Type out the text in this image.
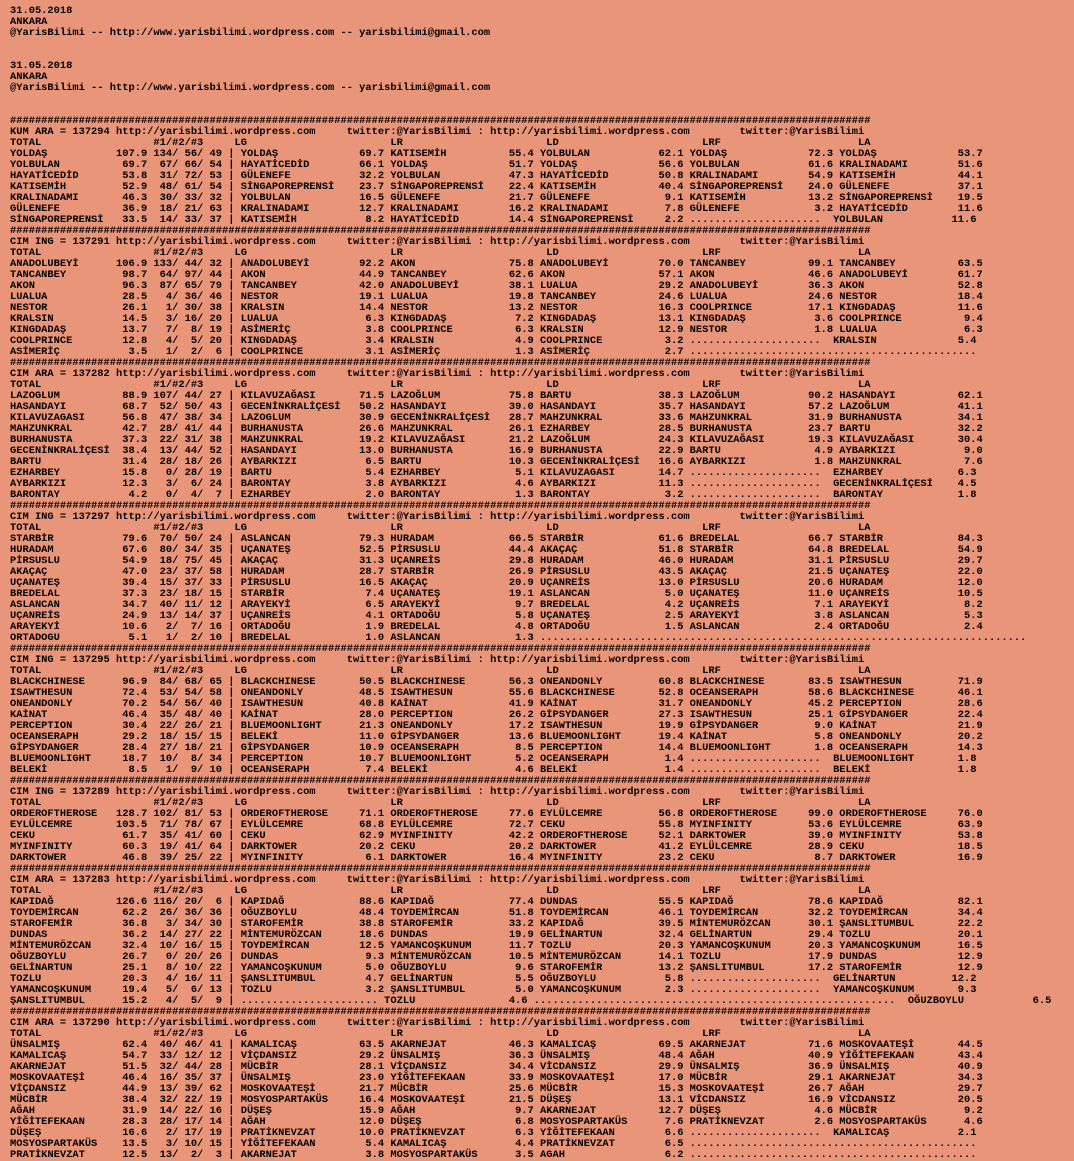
31.05.2018
ANKARA
@YarisBilimi -- http://www.yarisbilimi.wordpress.com -- yarisbilimi@gmail.com

31.05.2018
ANKARA
@YarisBilimi -- http://www.yarisbilimi.wordpress.com -- yarisbilimi@gmail.com

##########################################################################################################################################
KUM ARA = 137294 http://yarisbilimi.wordpress.com     twitter:@YarisBilimi : http://yarisbilimi.wordpress.com        twitter:@YarisBilimi
TOTAL                  #1/#2/#3     LG                       LR                       LD                       LRF                      LA
YOLDAŞ           107.9 134/ 56/ 49 | YOLDAŞ             69.7 KATISEMİH          55.4 YOLBULAN           62.1 YOLDAŞ             72.3 YOLDAŞ             53.7
YOLBULAN          69.7  67/ 66/ 54 | HAYATİCEDİD        66.1 YOLDAŞ             51.7 YOLDAŞ             56.6 YOLBULAN           61.6 KRALINADAMI        51.6
HAYATİCEDİD       53.8  31/ 72/ 53 | GÜLENEFE           32.2 YOLBULAN           47.3 HAYATİCEDİD        50.8 KRALINADAMI        54.9 KATISEMİH          44.1
KATISEMİH         52.9  48/ 61/ 54 | SİNGAPOREPRENSİ    23.7 SİNGAPOREPRENSİ    22.4 KATISEMİH          40.4 SİNGAPOREPRENSİ    24.0 GÜLENEFE           37.1
KRALINADAMI       46.3  30/ 33/ 32 | YOLBULAN           16.5 GÜLENEFE           21.7 GÜLENEFE            9.1 KATISEMİH          13.2 SİNGAPOREPRENSİ    19.5
GÜLENEFE          36.9  18/ 21/ 63 | KRALINADAMI        12.7 KRALINADAMI        16.2 KRALINADAMI         7.8 GÜLENEFE            3.2 HAYATİCEDİD        11.6
SİNGAPOREPRENSİ   33.5  14/ 33/ 37 | KATISEMİH           8.2 HAYATİCEDİD        14.4 SİNGAPOREPRENSİ     2.2 .....................  YOLBULAN           11.6
##########################################################################################################################################
CIM ING = 137291 http://yarisbilimi.wordpress.com     twitter:@YarisBilimi : http://yarisbilimi.wordpress.com        twitter:@YarisBilimi
TOTAL                  #1/#2/#3     LG                       LR                       LD                       LRF                      LA
ANADOLUBEYİ      106.9 133/ 44/ 32 | ANADOLUBEYİ        92.2 AKON               75.8 ANADOLUBEYİ        70.0 TANCANBEY          99.1 TANCANBEY          63.5
TANCANBEY         98.7  64/ 97/ 44 | AKON               44.9 TANCANBEY          62.6 AKON               57.1 AKON               46.6 ANADOLUBEYİ        61.7
AKON              96.3  87/ 65/ 79 | TANCANBEY          42.0 ANADOLUBEYİ        38.1 LUALUA             29.2 ANADOLUBEYİ        36.3 AKON               52.8
LUALUA            28.5   4/ 36/ 46 | NESTOR             19.1 LUALUA             19.8 TANCANBEY          24.6 LUALUA             24.6 NESTOR             18.4
NESTOR            26.1   1/ 30/ 38 | KRALSIN            14.4 NESTOR             13.2 NESTOR             16.3 COOLPRINCE         17.1 KINGDADAŞ          11.6
KRALSIN           14.5   3/ 16/ 20 | LUALUA              6.3 KINGDADAŞ           7.2 KINGDADAŞ          13.1 KINGDADAŞ           3.6 COOLPRINCE          9.4
KINGDADAŞ         13.7   7/  8/ 19 | ASİMERİÇ            3.8 COOLPRINCE          6.3 KRALSIN            12.9 NESTOR              1.8 LUALUA              6.3
COOLPRINCE        12.8   4/  5/ 20 | KINGDADAŞ           3.4 KRALSIN             4.9 COOLPRINCE          3.2 .....................  KRALSIN             5.4
ASİMERİÇ           3.5   1/  2/  6 | COOLPRINCE          3.1 ASİMERİÇ            1.3 ASİMERİÇ            2.7 ..............................................
##########################################################################################################################################
CIM ARA = 137282 http://yarisbilimi.wordpress.com     twitter:@YarisBilimi : http://yarisbilimi.wordpress.com        twitter:@YarisBilimi
TOTAL                  #1/#2/#3     LG                       LR                       LD                       LRF                      LA
LAZOGLUM          88.9 107/ 44/ 27 | KILAVUZAĞASI       71.5 LAZOĞLUM           75.8 BARTU              38.3 LAZOĞLUM           90.2 HASANDAYI          62.1
HASANDAYI         68.7  52/ 50/ 43 | GECENİNKRALİÇESİ   50.2 HASANDAYI          39.0 HASANDAYI          35.7 HASANDAYI          57.2 LAZOĞLUM           41.1
KILAVUZAGASI      56.8  47/ 38/ 34 | LAZOGLUM           30.9 GECENİNKRALİÇESİ   28.7 MAHZUNKRAL         33.6 MAHZUNKRAL         31.9 BURHANUSTA         34.1
MAHZUNKRAL        42.7  28/ 41/ 44 | BURHANUSTA         26.6 MAHZUNKRAL         26.1 EZHARBEY           28.5 BURHANUSTA         23.7 BARTU              32.2
BURHANUSTA        37.3  22/ 31/ 38 | MAHZUNKRAL         19.2 KILAVUZAĞASI       21.2 LAZOĞLUM           24.3 KILAVUZAĞASI       19.3 KILAVUZAĞASI       30.4
GECENİNKRALİÇESİ  38.4  13/ 44/ 52 | HASANDAYI          13.0 BURHANUSTA         16.9 BURHANUSTA         22.9 BARTU               4.9 AYBARKIZI           9.0
BARTU             31.4  28/ 18/ 26 | AYBARKIZI           6.5 BARTU              10.3 GECENİNKRALİÇESİ   16.6 AYBARKIZI           1.8 MAHZUNKRAL          7.6
EZHARBEY          15.8   0/ 28/ 19 | BARTU               5.4 EZHARBEY            5.1 KILAVUZAGASI       14.7 .....................  EZHARBEY            6.3
AYBARKIZI         12.3   3/  6/ 24 | BARONTAY            3.8 AYBARKIZI           4.6 AYBARKIZI          11.3 .....................  GECENİNKRALİÇESİ    4.5
BARONTAY           4.2   0/  4/  7 | EZHARBEY            2.0 BARONTAY            1.3 BARONTAY            3.2 .....................  BARONTAY            1.8
##########################################################################################################################################
CIM ING = 137297 http://yarisbilimi.wordpress.com     twitter:@YarisBilimi : http://yarisbilimi.wordpress.com        twitter:@YarisBilimi
TOTAL                  #1/#2/#3     LG                       LR                       LD                       LRF                      LA
STARBİR           79.6  70/ 50/ 24 | ASLANCAN           79.3 HURADAM            66.5 STARBİR            61.6 BREDELAL           66.7 STARBİR            84.3
HURADAM           67.6  80/ 34/ 35 | UÇANATEŞ           52.5 PİRSUSLU           44.4 AKAÇAÇ             51.8 STARBİR            64.8 BREDELAL           54.9
PİRSUSLU          54.9  18/ 75/ 45 | AKAÇAÇ             31.3 UÇANREİS           29.8 HURADAM            46.0 HURADAM            31.1 PİRSUSLU           29.7
AKAÇAÇ            47.0  23/ 37/ 58 | HURADAM            28.7 STARBİR            26.9 PİRSUSLU           43.5 AKAÇAÇ             21.5 UÇANATEŞ           22.0
UÇANATEŞ          39.4  15/ 37/ 33 | PİRSUSLU           16.5 AKAÇAÇ             20.9 UÇANREİS           13.0 PİRSUSLU           20.6 HURADAM            12.0
BREDELAL          37.3  23/ 18/ 15 | STARBİR             7.4 UÇANATEŞ           19.1 ASLANCAN            5.0 UÇANATEŞ           11.0 UÇANREİS           10.5
ASLANCAN          34.7  40/ 11/ 12 | ARAYEKYİ            6.5 ARAYEKYİ            9.7 BREDELAL            4.2 UÇANREİS            7.1 ARAYEKYİ            8.2
UÇANREİS          24.9  13/ 14/ 37 | UÇANREİS            4.1 ORTADOĞU            5.8 UÇANATEŞ            2.5 ARAYEKYİ            3.8 ASLANCAN            5.3
ARAYEKYİ          10.6   2/  7/ 16 | ORTADOĞU            1.9 BREDELAL            4.8 ORTADOĞU            1.5 ASLANCAN            2.4 ORTADOĞU            2.4
ORTADOGU           5.1   1/  2/ 10 | BREDELAL            1.0 ASLANCAN            1.3 ..............................................................................
##########################################################################################################################################
CIM ING = 137295 http://yarisbilimi.wordpress.com     twitter:@YarisBilimi : http://yarisbilimi.wordpress.com        twitter:@YarisBilimi
TOTAL                  #1/#2/#3     LG                       LR                       LD                       LRF                      LA
BLACKCHINESE      96.9  84/ 68/ 65 | BLACKCHINESE       50.5 BLACKCHINESE       56.3 ONEANDONLY         60.8 BLACKCHINESE       83.5 ISAWTHESUN         71.9
ISAWTHESUN        72.4  53/ 54/ 58 | ONEANDONLY         48.5 ISAWTHESUN         55.6 BLACKCHINESE       52.8 OCEANSERAPH        58.6 BLACKCHINESE       46.1
ONEANDONLY        70.2  54/ 56/ 40 | ISAWTHESUN         40.8 KAİNAT             41.9 KAİNAT             31.7 ONEANDONLY         45.2 PERCEPTION         28.6
KAİNAT            46.4  35/ 48/ 40 | KAİNAT             28.0 PERCEPTION         26.2 GİPSYDANGER        27.3 ISAWTHESUN         25.1 GİPSYDANGER        22.4
PERCEPTION        30.4  22/ 26/ 21 | BLUEMOONLIGHT      21.3 ONEANDONLY         17.2 ISAWTHESUN         19.9 GİPSYDANGER         9.0 KAİNAT             21.9
OCEANSERAPH       29.2  18/ 15/ 15 | BELEKİ             11.0 GİPSYDANGER        13.6 BLUEMOONLIGHT      19.4 KAİNAT              5.8 ONEANDONLY         20.2
GİPSYDANGER       28.4  27/ 18/ 21 | GİPSYDANGER        10.9 OCEANSERAPH         8.5 PERCEPTION         14.4 BLUEMOONLIGHT       1.8 OCEANSERAPH        14.3
BLUEMOONLIGHT     18.7  10/  8/ 34 | PERCEPTION         10.7 BLUEMOONLIGHT       5.2 OCEANSERAPH         1.4 .....................  BLUEMOONLIGHT       1.8
BELEKİ             8.5   1/  9/ 10 | OCEANSERAPH         7.4 BELEKİ              4.6 BELEKİ              1.4 .....................  BELEKİ              1.8
##########################################################################################################################################
CIM ING = 137289 http://yarisbilimi.wordpress.com     twitter:@YarisBilimi : http://yarisbilimi.wordpress.com        twitter:@YarisBilimi
TOTAL                  #1/#2/#3     LG                       LR                       LD                       LRF                      LA
ORDEROFTHEROSE   128.7 102/ 81/ 53 | ORDEROFTHEROSE     71.1 ORDEROFTHEROSE     77.6 EYLÜLCEMRE         56.8 ORDEROFTHEROSE     99.0 ORDEROFTHEROSE     76.0
EYLÜLCEMRE       103.5  71/ 78/ 67 | EYLÜLCEMRE         68.8 EYLÜLCEMRE         72.7 CEKU               55.8 MYINFINITY         53.6 EYLÜLCEMRE         63.9
CEKU              61.7  35/ 41/ 60 | CEKU               62.9 MYINFINITY         42.2 ORDEROFTHEROSE     52.1 DARKTOWER          39.0 MYINFINITY         53.8
MYINFINITY        60.3  19/ 41/ 64 | DARKTOWER          20.2 CEKU               20.2 DARKTOWER          41.2 EYLÜLCEMRE         28.9 CEKU               18.5
DARKTOWER         46.8  39/ 25/ 22 | MYINFINITY          6.1 DARKTOWER          16.4 MYINFINITY         23.2 CEKU                8.7 DARKTOWER          16.9
##########################################################################################################################################
CIM ARA = 137283 http://yarisbilimi.wordpress.com     twitter:@YarisBilimi : http://yarisbilimi.wordpress.com        twitter:@YarisBilimi
TOTAL                  #1/#2/#3     LG                       LR                       LD                       LRF                      LA
KAPIDAĞ          126.6 116/ 20/  6 | KAPIDAĞ            88.6 KAPIDAĞ            77.4 DUNDAS             55.5 KAPIDAĞ            78.6 KAPIDAĞ            82.1
TOYDEMİRCAN       62.2  26/ 36/ 36 | OĞUZBOYLU          48.4 TOYDEMİRCAN        51.8 TOYDEMİRCAN        46.1 TOYDEMİRCAN        32.2 TOYDEMİRCAN        34.4
STAROFEMİR        36.8   3/ 34/ 30 | STAROFEMİR         38.8 STAROFEMİR         33.2 KAPIDAĞ            39.5 MİNTEMURÖZCAN      30.1 ŞANSLITUMBUL       22.2
DUNDAS            36.2  14/ 27/ 22 | MİNTEMURÖZCAN      18.6 DUNDAS             19.9 GELİNARTUN         32.4 GELİNARTUN         29.4 TOZLU              20.1
MİNTEMURÖZCAN     32.4  10/ 16/ 15 | TOYDEMİRCAN        12.5 YAMANCOŞKUNUM      11.7 TOZLU              20.3 YAMANCOŞKUNUM      20.3 YAMANCOŞKUNUM      16.5
OĞUZBOYLU         26.7   0/ 20/ 26 | DUNDAS              9.3 MİNTEMURÖZCAN      10.5 MİNTEMURÖZCAN      14.1 TOZLU              17.9 DUNDAS             12.9
GELİNARTUN        25.1   8/ 10/ 22 | YAMANCOŞKUNUM       5.0 OĞUZBOYLU           9.6 STAROFEMİR         13.2 ŞANSLITUMBUL       17.2 STAROFEMİR         12.9
TOZLU             20.3   4/ 16/ 11 | ŞANSLITUMBUL        4.7 GELİNARTUN          5.5 OĞUZBOYLU           5.8 .....................  GELİNARTUN         12.2
YAMANCOŞKUNUM     19.4   5/  6/ 13 | TOZLU               3.2 ŞANSLITUMBUL        5.0 YAMANCOŞKUNUM       2.3 .....................  YAMANCOŞKUNUM       9.3
ŞANSLITUMBUL      15.2   4/  5/  9 | ...................... TOZLU               4.6 ..........................................................  OĞUZBOYLU           6.5
##########################################################################################################################################
CIM ARA = 137290 http://yarisbilimi.wordpress.com     twitter:@YarisBilimi : http://yarisbilimi.wordpress.com        twitter:@YarisBilimi
TOTAL                  #1/#2/#3     LG                       LR                       LD                       LRF                      LA
ÜNSALMIŞ          62.4  40/ 46/ 41 | KAMALICAŞ          63.5 AKARNEJAT          46.3 KAMALICAŞ          69.5 AKARNEJAT          71.6 MOSKOVAATEŞİ       44.5
KAMALICAŞ         54.7  33/ 12/ 12 | VİÇDANSIZ          29.2 ÜNSALMIŞ           36.3 ÜNSALMIŞ           48.4 AĞAH               40.9 YİĞİTEFEKAAN       43.4
AKARNEJAT         51.5  32/ 44/ 28 | MÜCBİR             28.1 VİÇDANSIZ          34.4 VİCDANSIZ          29.9 ÜNSALMIŞ           36.9 ÜNSALMIŞ           40.9
MOSKOVAATEŞİ      46.4  16/ 35/ 37 | ÜNSALMIŞ           23.0 YİĞİTEFEKAAN       33.9 MOSKOVAATEŞİ       17.0 MÜCBİR             29.1 AKARNEJAT          34.3
VİÇDANSIZ         44.9  13/ 39/ 62 | MOSKOVAATEŞİ       21.7 MÜCBİR             25.6 MÜCBİR             15.3 MOSKOVAATEŞİ       26.7 AĞAH               29.7
MÜCBİR            38.4  32/ 22/ 19 | MOSYOSPARTAKÜS     16.4 MOSKOVAATEŞİ       21.5 DÜŞEŞ              13.1 VİCDANSIZ          16.9 VİCDANSIZ          20.5
AĞAH              31.9  14/ 22/ 16 | DÜŞEŞ              15.9 AĞAH                9.7 AKARNEJAT          12.7 DÜŞEŞ               4.6 MÜCBİR              9.2
YİĞİTEFEKAAN      28.3  28/ 17/ 14 | AĞAH               12.0 DÜŞEŞ               6.8 MOSYOSPARTAKÜS      7.6 PRATİKNEVZAT        2.6 MOSYOSPARTAKÜS      4.6
DÜŞEŞ             16.6   2/ 17/ 19 | PRATİKNEVZAT       10.0 PRATİKNEVZAT        6.3 YİĞİTEFEKAAN        6.6 .....................  KAMALICAŞ           2.1
MOSYOSPARTAKÜS    13.5   3/ 10/ 15 | YİĞİTEFEKAAN        5.4 KAMALICAŞ           4.4 PRATİKNEVZAT        6.5 ..............................................
PRATİKNEVZAT      12.5  13/  2/  3 | AKARNEJAT           3.8 MOSYOSPARTAKÜS      3.5 AGAH                6.2 ..............................................
